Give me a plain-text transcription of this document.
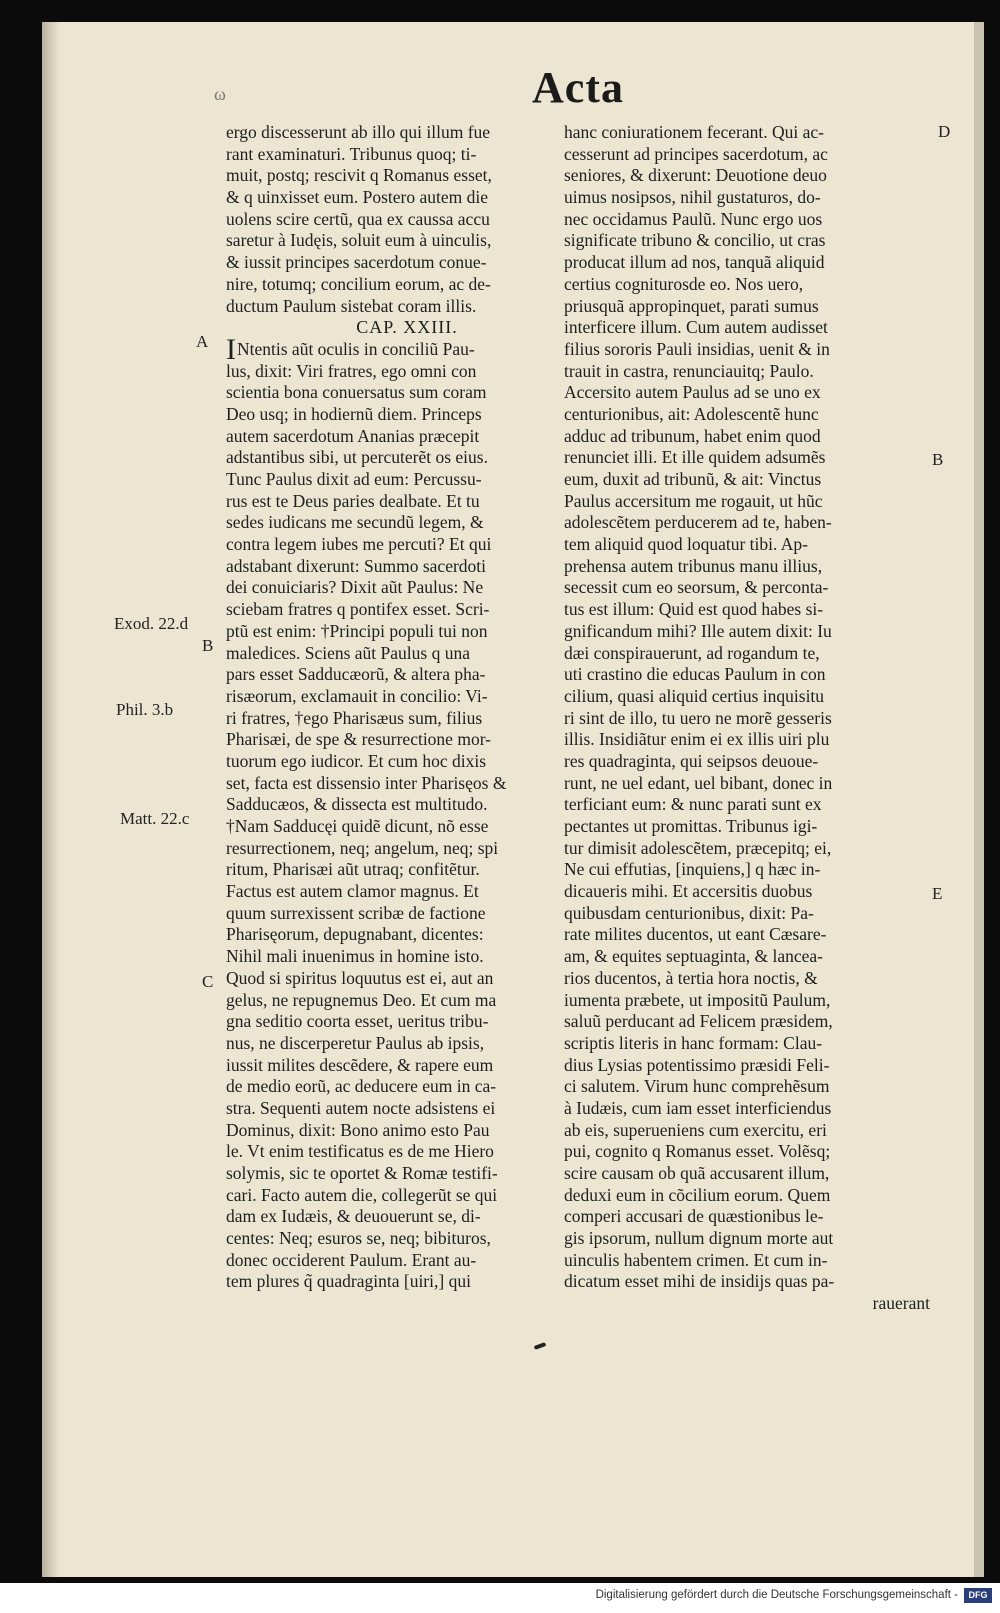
ω	Acta
ergo discesserunt ab illo qui illum fue
rant examinaturi. Tribunus quoq; ti-
muit, postq; rescivit q Romanus esset,
& q uinxisset eum. Postero autem die
uolens scire certũ, qua ex caussa accu
saretur à Iudęis, soluit eum à uinculis,
& iussit principes sacerdotum conue-
nire, totumq; concilium eorum, ac de-
ductum Paulum sistebat coram illis.
CAP. XXIII.
INtentis aũt oculis in conciliũ Pau-
lus, dixit: Viri fratres, ego omni con
scientia bona conuersatus sum coram
Deo usq; in hodiernũ diem. Princeps
autem sacerdotum Ananias præcepit
adstantibus sibi, ut percuterẽt os eius.
Tunc Paulus dixit ad eum: Percussu-
rus est te Deus paries dealbate. Et tu
sedes iudicans me secundũ legem, &
contra legem iubes me percuti? Et qui
adstabant dixerunt: Summo sacerdoti
dei conuiciaris? Dixit aũt Paulus: Ne
sciebam fratres q pontifex esset. Scri-
ptũ est enim: †Principi populi tui non
maledices. Sciens aũt Paulus q una
pars esset Sadducæorũ, & altera pha-
risæorum, exclamauit in concilio: Vi-
ri fratres, †ego Pharisæus sum, filius
Pharisæi, de spe & resurrectione mor-
tuorum ego iudicor. Et cum hoc dixis
set, facta est dissensio inter Pharisęos &
Sadducæos, & dissecta est multitudo.
†Nam Sadducęi quidẽ dicunt, nõ esse
resurrectionem, neq; angelum, neq; spi
ritum, Pharisæi aũt utraq; confitẽtur.
Factus est autem clamor magnus. Et
quum surrexissent scribæ de factione
Pharisęorum, depugnabant, dicentes:
Nihil mali inuenimus in homine isto.
Quod si spiritus loquutus est ei, aut an
gelus, ne repugnemus Deo. Et cum ma
gna seditio coorta esset, ueritus tribu-
nus, ne discerperetur Paulus ab ipsis,
iussit milites descẽdere, & rapere eum
de medio eorũ, ac deducere eum in ca-
stra. Sequenti autem nocte adsistens ei
Dominus, dixit: Bono animo esto Pau
le. Vt enim testificatus es de me Hiero
solymis, sic te oportet & Romæ testifi-
cari. Facto autem die, collegerũt se qui
dam ex Iudæis, & deuouerunt se, di-
centes: Neq; esuros se, neq; bibituros,
donec occiderent Paulum. Erant au-
tem plures q̃ quadraginta [uiri,] qui
hanc coniurationem fecerant. Qui ac-
cesserunt ad principes sacerdotum, ac
seniores, & dixerunt: Deuotione deuo
uimus nosipsos, nihil gustaturos, do-
nec occidamus Paulũ. Nunc ergo uos
significate tribuno & concilio, ut cras
producat illum ad nos, tanquã aliquid
certius cogniturosde eo. Nos uero,
priusquã appropinquet, parati sumus
interficere illum. Cum autem audisset
filius sororis Pauli insidias, uenit & in
trauit in castra, renunciauitq; Paulo.
Accersito autem Paulus ad se uno ex
centurionibus, ait: Adolescentẽ hunc
adduc ad tribunum, habet enim quod
renunciet illi. Et ille quidem adsumẽs
eum, duxit ad tribunũ, & ait: Vinctus
Paulus accersitum me rogauit, ut hũc
adolescẽtem perducerem ad te, haben-
tem aliquid quod loquatur tibi. Ap-
prehensa autem tribunus manu illius,
secessit cum eo seorsum, & perconta-
tus est illum: Quid est quod habes si-
gnificandum mihi? Ille autem dixit: Iu
dæi conspirauerunt, ad rogandum te,
uti crastino die educas Paulum in con
cilium, quasi aliquid certius inquisitu
ri sint de illo, tu uero ne morẽ gesseris
illis. Insidiãtur enim ei ex illis uiri plu
res quadraginta, qui seipsos deuoue-
runt, ne uel edant, uel bibant, donec in
terficiant eum: & nunc parati sunt ex
pectantes ut promittas. Tribunus igi-
tur dimisit adolescẽtem, præcepitq; ei,
Ne cui effutias, [inquiens,] q hæc in-
dicaueris mihi. Et accersitis duobus
quibusdam centurionibus, dixit: Pa-
rate milites ducentos, ut eant Cæsare-
am, & equites septuaginta, & lancea-
rios ducentos, à tertia hora noctis, &
iumenta præbete, ut impositũ Paulum,
saluũ perducant ad Felicem præsidem,
scriptis literis in hanc formam: Clau-
dius Lysias potentissimo præsidi Feli-
ci salutem. Virum hunc comprehẽsum
à Iudæis, cum iam esset interficiendus
ab eis, superueniens cum exercitu, eri
pui, cognito q Romanus esset. Volẽsq;
scire causam ob quã accusarent illum,
deduxi eum in cõcilium eorum. Quem
comperi accusari de quæstionibus le-
gis ipsorum, nullum dignum morte aut
uinculis habentem crimen. Et cum in-
dicatum esset mihi de insidijs quas pa-
rauerant
A
Exod. 22.d
B
Phil. 3.b
Matt. 22.c
C
D
B
E
Digitalisierung gefördert durch die Deutsche Forschungsgemeinschaft -	DFG
